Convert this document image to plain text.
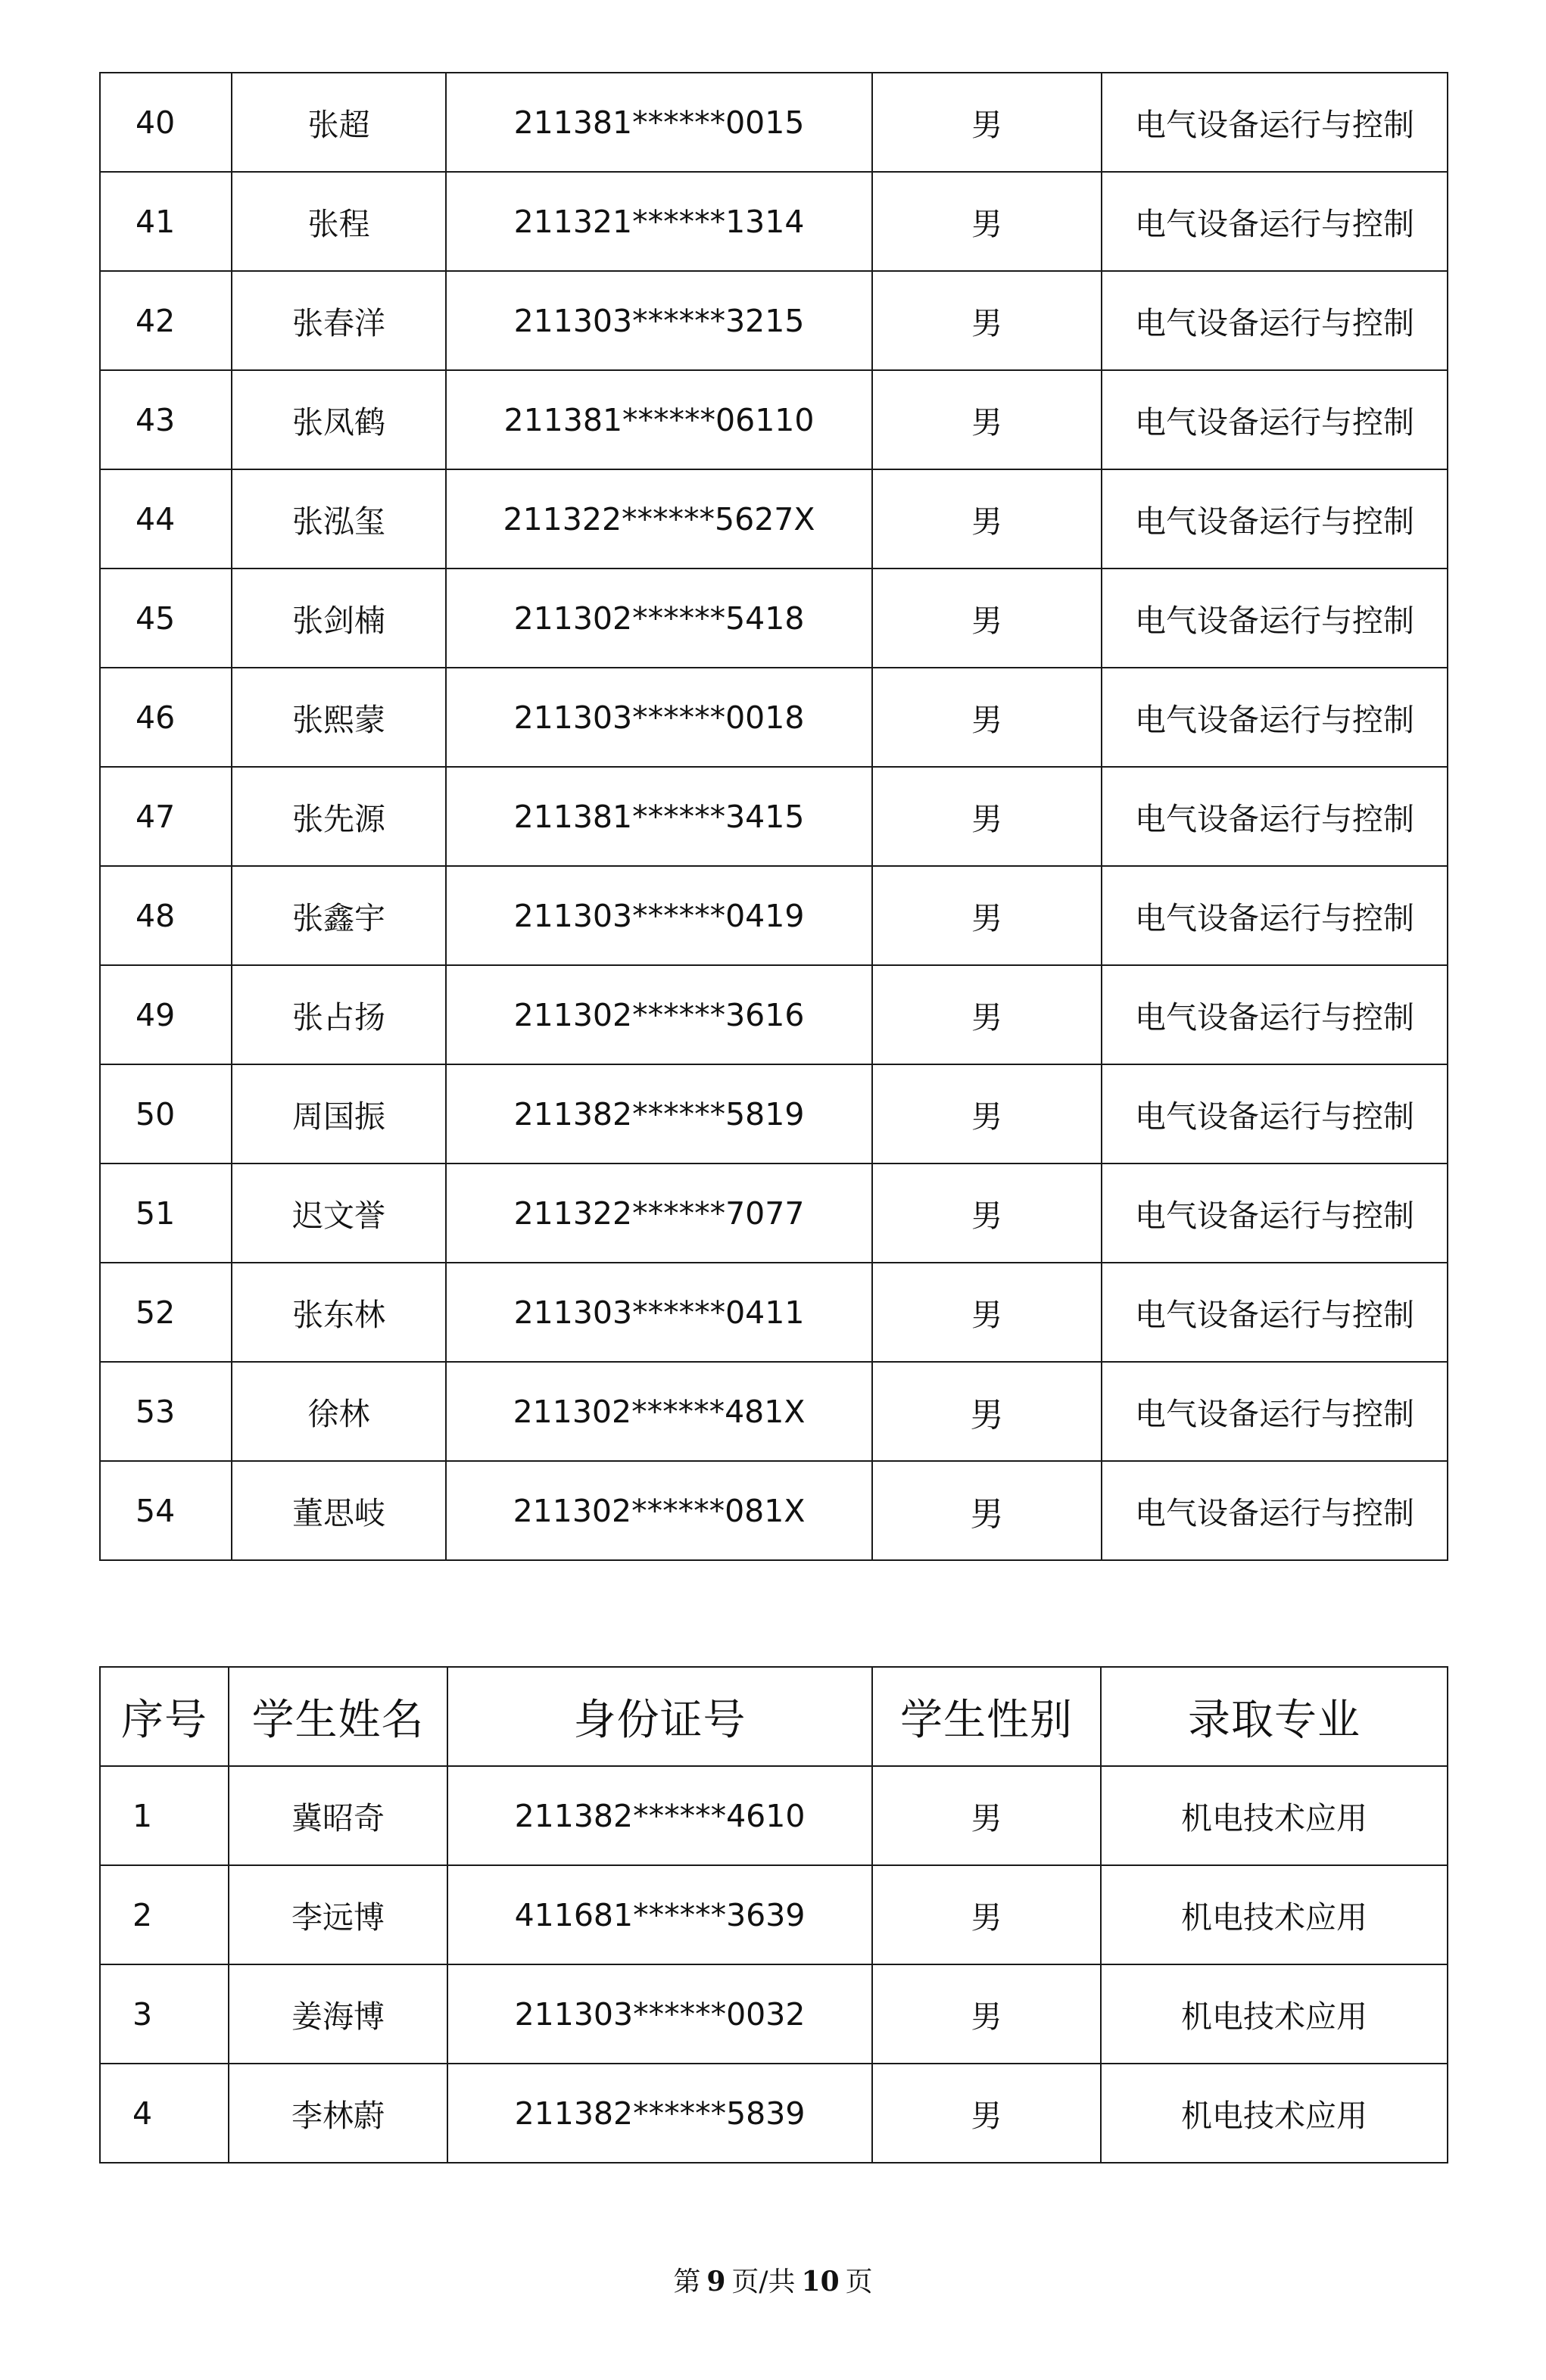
40	张超	211381******0015	男	电气设备运行与控制
41	张程	211321******1314	男	电气设备运行与控制
42	张春洋	211303******3215	男	电气设备运行与控制
43	张凤鹤	211381******06110	男	电气设备运行与控制
44	张泓玺	211322******5627X	男	电气设备运行与控制
45	张剑楠	211302******5418	男	电气设备运行与控制
46	张熙蒙	211303******0018	男	电气设备运行与控制
47	张先源	211381******3415	男	电气设备运行与控制
48	张鑫宇	211303******0419	男	电气设备运行与控制
49	张占扬	211302******3616	男	电气设备运行与控制
50	周国振	211382******5819	男	电气设备运行与控制
51	迟文誉	211322******7077	男	电气设备运行与控制
52	张东林	211303******0411	男	电气设备运行与控制
53	徐林	211302******481X	男	电气设备运行与控制
54	董思岐	211302******081X	男	电气设备运行与控制
序号	学生姓名	身份证号	学生性别	录取专业
1	冀昭奇	211382******4610	男	机电技术应用
2	李远博	411681******3639	男	机电技术应用
3	姜海博	211303******0032	男	机电技术应用
4	李林蔚	211382******5839	男	机电技术应用
第 9 页/共 10 页
